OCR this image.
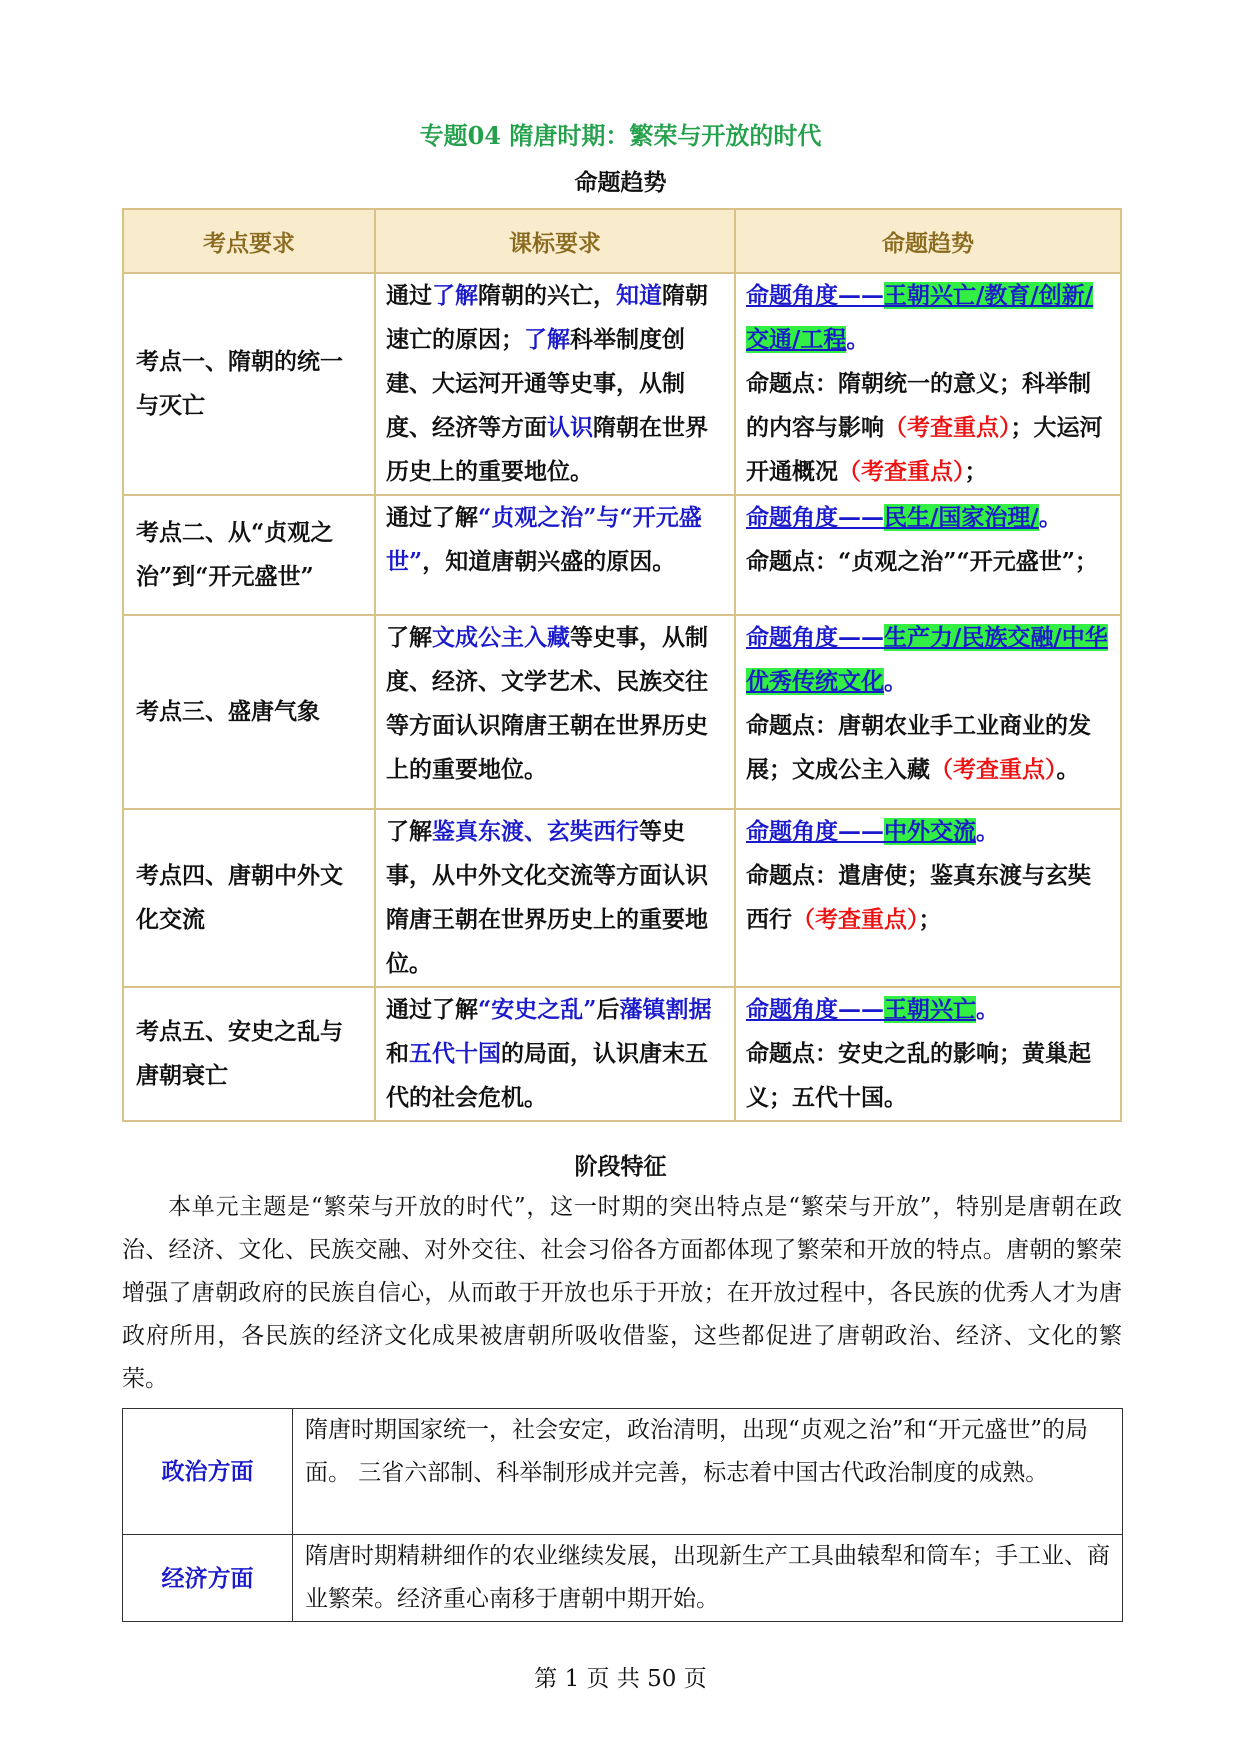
专题04 隋唐时期：繁荣与开放的时代
命题趋势
考点要求	课标要求	命题趋势
考点一、隋朝的统一与灭亡	通过了解隋朝的兴亡，知道隋朝速亡的原因；了解科举制度创建、大运河开通等史事，从制度、经济等方面认识隋朝在世界历史上的重要地位。	命题角度——王朝兴亡/教育/创新/交通/工程。
命题点：隋朝统一的意义；科举制的内容与影响（考查重点）；大运河开通概况（考查重点）；

考点二、从“贞观之治”到“开元盛世”	通过了解“贞观之治”与“开元盛世”，知道唐朝兴盛的原因。	命题角度——民生/国家治理/。
命题点：“贞观之治”“开元盛世”；

考点三、盛唐气象	了解文成公主入藏等史事，从制度、经济、文学艺术、民族交往等方面认识隋唐王朝在世界历史上的重要地位。	命题角度——生产力/民族交融/中华优秀传统文化。
命题点：唐朝农业手工业商业的发展；文成公主入藏（考查重点）。

考点四、唐朝中外文化交流	了解鉴真东渡、玄奘西行等史事，从中外文化交流等方面认识隋唐王朝在世界历史上的重要地位。	命题角度——中外交流。
命题点：遣唐使；鉴真东渡与玄奘西行（考查重点）；

考点五、安史之乱与唐朝衰亡	通过了解“安史之乱”后藩镇割据和五代十国的局面，认识唐末五代的社会危机。	命题角度——王朝兴亡。
命题点：安史之乱的影响；黄巢起义；五代十国。
阶段特征
本单元主题是“繁荣与开放的时代”，这一时期的突出特点是“繁荣与开放”，特别是唐朝在政治、经济、文化、民族交融、对外交往、社会习俗各方面都体现了繁荣和开放的特点。唐朝的繁荣增强了唐朝政府的民族自信心，从而敢于开放也乐于开放；在开放过程中，各民族的优秀人才为唐政府所用，各民族的经济文化成果被唐朝所吸收借鉴，这些都促进了唐朝政治、经济、文化的繁荣。
政治方面	隋唐时期国家统一，社会安定，政治清明，出现“贞观之治”和“开元盛世”的局面。 三省六部制、科举制形成并完善，标志着中国古代政治制度的成熟。
经济方面	隋唐时期精耕细作的农业继续发展，出现新生产工具曲辕犁和筒车；手工业、商业繁荣。经济重心南移于唐朝中期开始。
第 1 页 共 50 页
